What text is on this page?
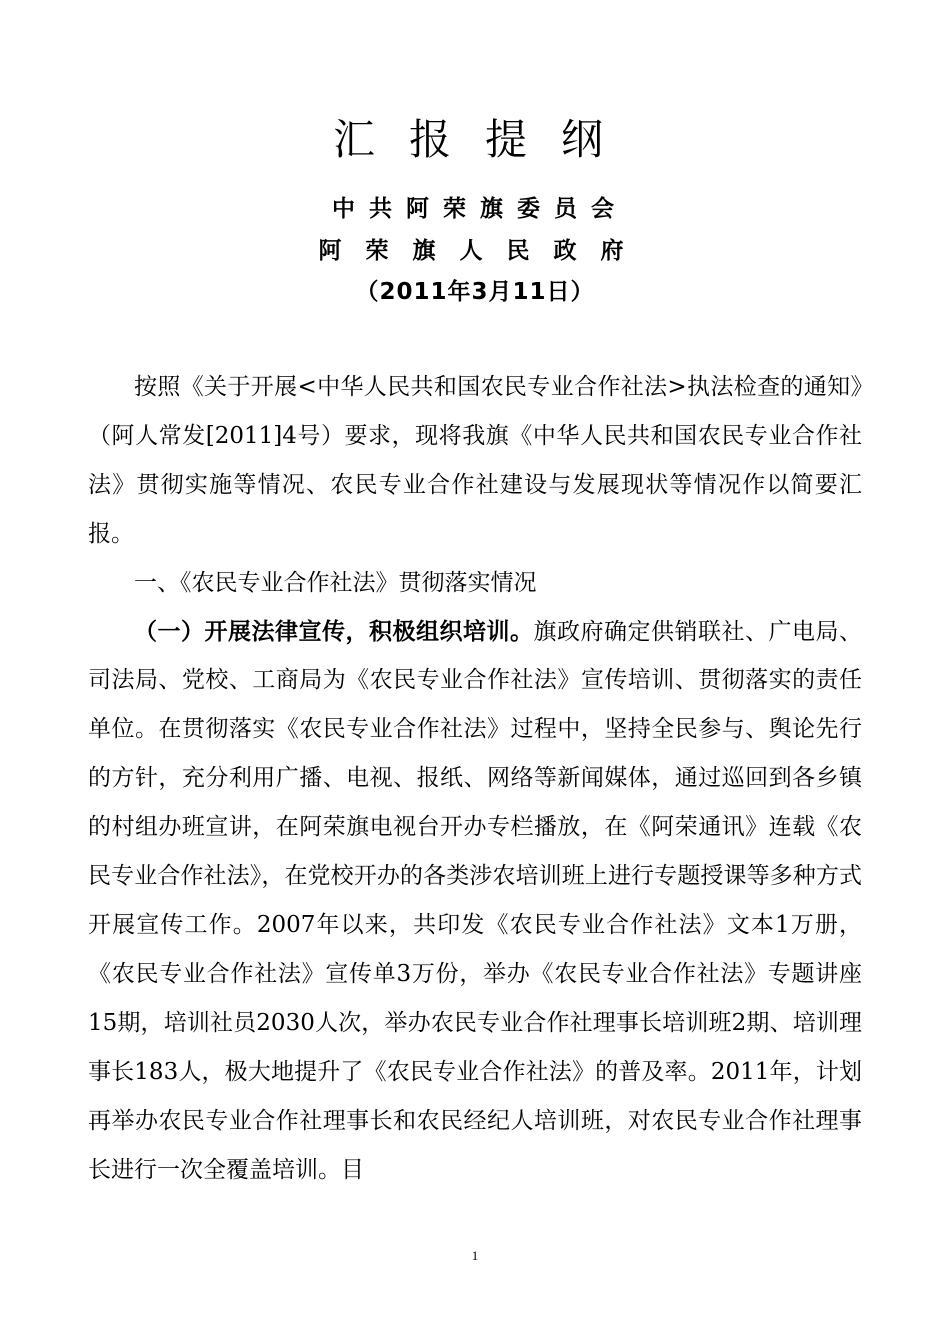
汇报提纲
中共阿荣旗委员会
阿荣旗人民政府
（2011年3月11日）

按照《关于开展<中华人民共和国农民专业合作社法>执法检查的通知》（阿人常发[2011]4号）要求，现将我旗《中华人民共和国农民专业合作社法》贯彻实施等情况、农民专业合作社建设与发展现状等情况作以简要汇报。

一、《农民专业合作社法》贯彻落实情况

（一）开展法律宣传，积极组织培训。旗政府确定供销联社、广电局、司法局、党校、工商局为《农民专业合作社法》宣传培训、贯彻落实的责任单位。在贯彻落实《农民专业合作社法》过程中，坚持全民参与、舆论先行的方针，充分利用广播、电视、报纸、网络等新闻媒体，通过巡回到各乡镇的村组办班宣讲，在阿荣旗电视台开办专栏播放，在《阿荣通讯》连载《农民专业合作社法》，在党校开办的各类涉农培训班上进行专题授课等多种方式开展宣传工作。2007年以来，共印发《农民专业合作社法》文本1万册，《农民专业合作社法》宣传单3万份，举办《农民专业合作社法》专题讲座15期，培训社员2030人次，举办农民专业合作社理事长培训班2期、培训理事长183人，极大地提升了《农民专业合作社法》的普及率。2011年，计划再举办农民专业合作社理事长和农民经纪人培训班，对农民专业合作社理事长进行一次全覆盖培训。目

1
